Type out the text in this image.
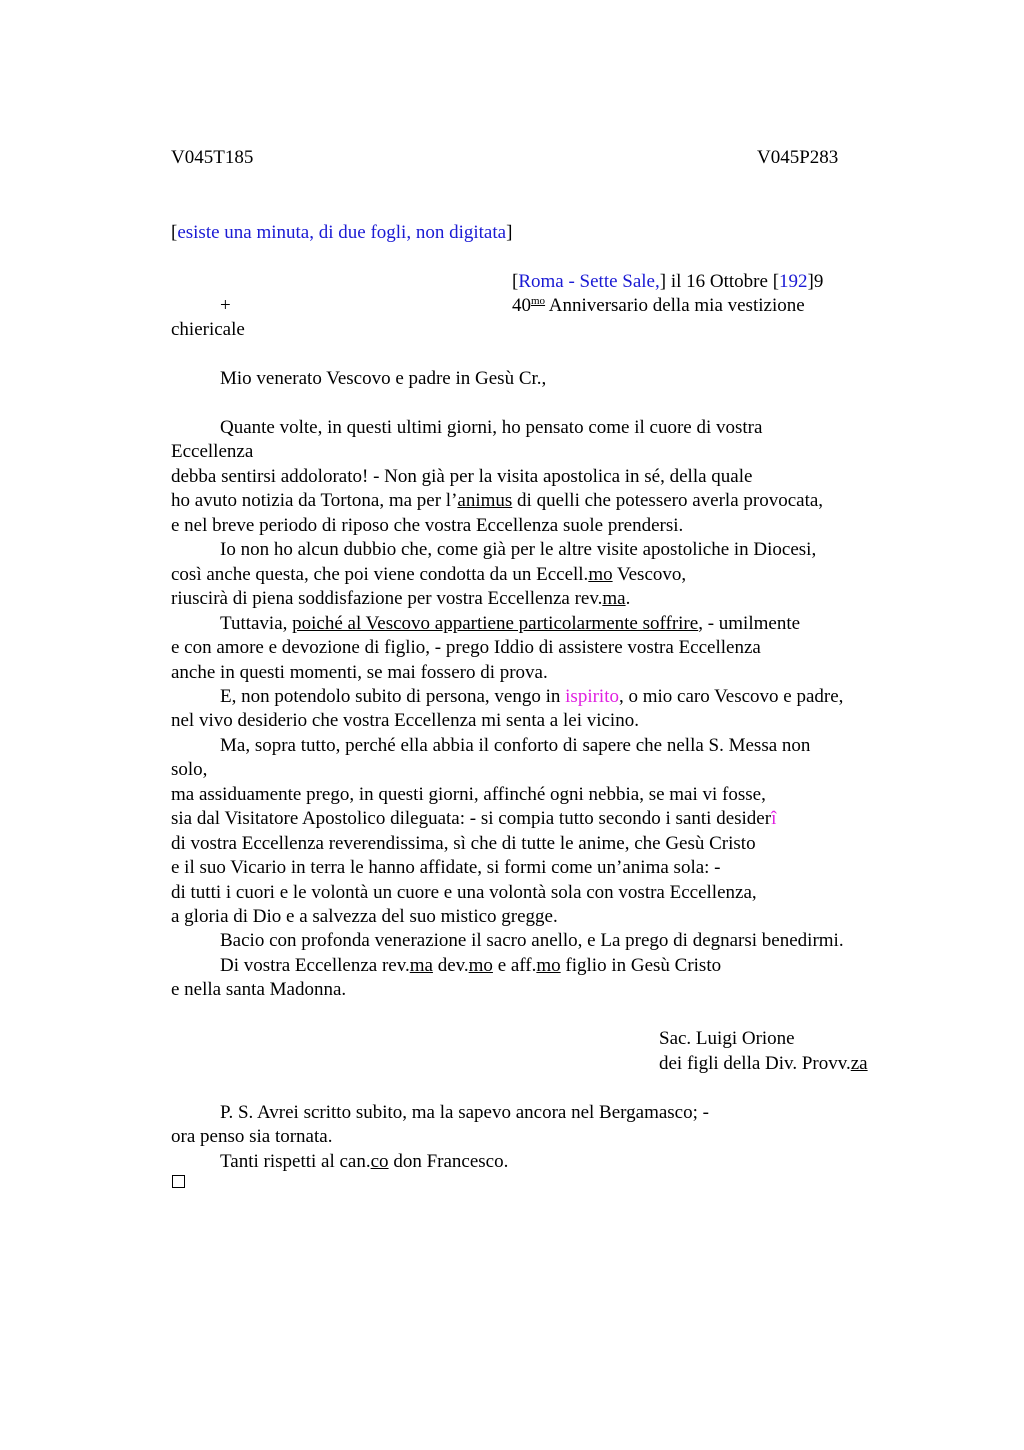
V045T185	V045P283
[esiste una minuta, di due fogli, non digitata]
[Roma - Sette Sale,] il 16 Ottobre [192]9
+	$40^{mo}$ Anniversario della mia vestizione
chiericale
Mio venerato Vescovo e padre in Gesù Cr.,
Quante volte, in questi ultimi giorni, ho pensato come il cuore di vostra
Eccellenza
debba sentirsi addolorato! - Non già per la visita apostolica in sé, della quale
ho avuto notizia da Tortona, ma per l’animus di quelli che potessero averla provocata,
e nel breve periodo di riposo che vostra Eccellenza suole prendersi.
Io non ho alcun dubbio che, come già per le altre visite apostoliche in Diocesi,
così anche questa, che poi viene condotta da un Eccell.mo Vescovo,
riuscirà di piena soddisfazione per vostra Eccellenza rev.ma.
Tuttavia, poiché al Vescovo appartiene particolarmente soffrire, - umilmente
e con amore e devozione di figlio, - prego Iddio di assistere vostra Eccellenza
anche in questi momenti, se mai fossero di prova.
E, non potendolo subito di persona, vengo in ispirito, o mio caro Vescovo e padre,
nel vivo desiderio che vostra Eccellenza mi senta a lei vicino.
Ma, sopra tutto, perché ella abbia il conforto di sapere che nella S. Messa non
solo,
ma assiduamente prego, in questi giorni, affinché ogni nebbia, se mai vi fosse,
sia dal Visitatore Apostolico dileguata: - si compia tutto secondo i santi desiderî
di vostra Eccellenza reverendissima, sì che di tutte le anime, che Gesù Cristo
e il suo Vicario in terra le hanno affidate, si formi come un’anima sola: -
di tutti i cuori e le volontà un cuore e una volontà sola con vostra Eccellenza,
a gloria di Dio e a salvezza del suo mistico gregge.
Bacio con profonda venerazione il sacro anello, e La prego di degnarsi benedirmi.
Di vostra Eccellenza rev.ma dev.mo e aff.mo figlio in Gesù Cristo
e nella santa Madonna.
Sac. Luigi Orione
dei figli della Div. Provv.za
P. S. Avrei scritto subito, ma la sapevo ancora nel Bergamasco; -
ora penso sia tornata.
Tanti rispetti al can.co don Francesco.
